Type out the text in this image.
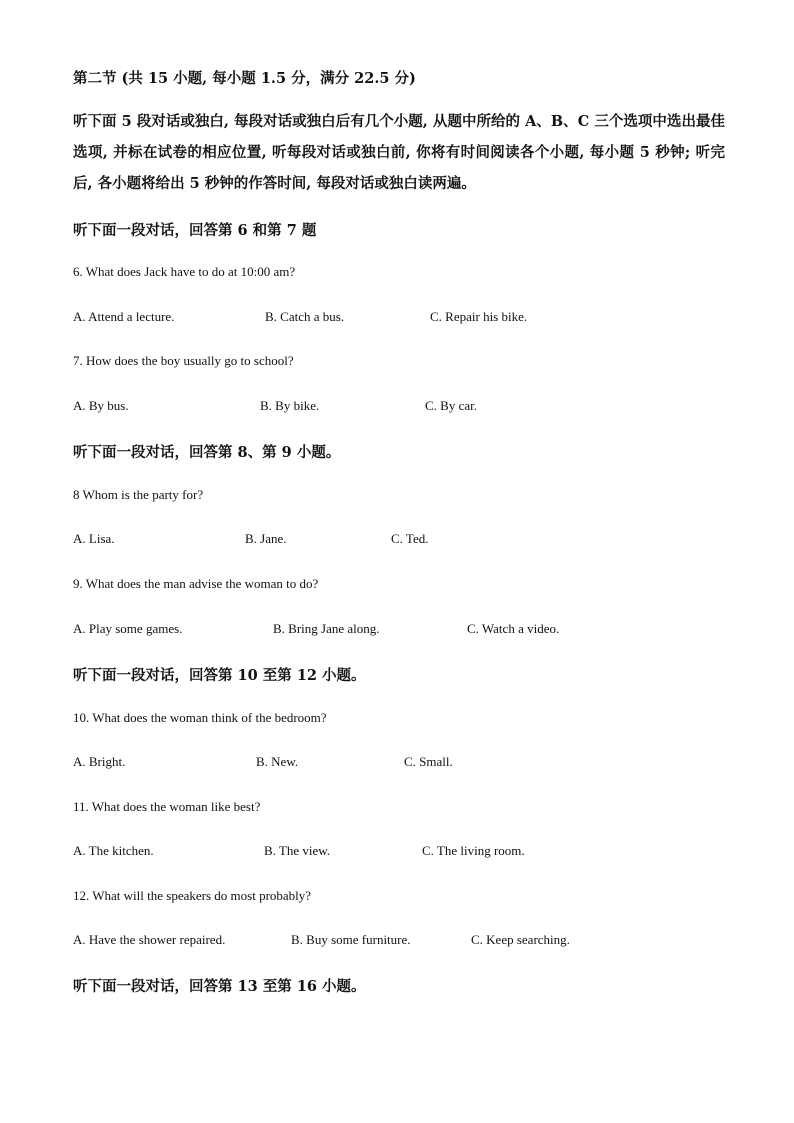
第二节 (共 15 小题, 每小题 1.5 分，满分 22.5 分)
听下面 5 段对话或独白, 每段对话或独白后有几个小题, 从题中所给的 A、B、C 三个选项中选出最佳选项, 并标在试卷的相应位置, 听每段对话或独白前, 你将有时间阅读各个小题, 每小题 5 秒钟; 听完后, 各小题将给出 5 秒钟的作答时间, 每段对话或独白读两遍。
听下面一段对话，回答第 6 和第 7 题
6. What does Jack have to do at 10:00 am?
A. Attend a lecture.	B. Catch a bus.	C. Repair his bike.
7. How does the boy usually go to school?
A. By bus.	B. By bike.	C. By car.
听下面一段对话，回答第 8、第 9 小题。
8 Whom is the party for?
A. Lisa.	B. Jane.	C. Ted.
9. What does the man advise the woman to do?
A. Play some games.	B. Bring Jane along.	C. Watch a video.
听下面一段对话，回答第 10 至第 12 小题。
10. What does the woman think of the bedroom?
A. Bright.	B. New.	C. Small.
11. What does the woman like best?
A. The kitchen.	B. The view.	C. The living room.
12. What will the speakers do most probably?
A. Have the shower repaired.	B. Buy some furniture.	C. Keep searching.
听下面一段对话，回答第 13 至第 16 小题。
